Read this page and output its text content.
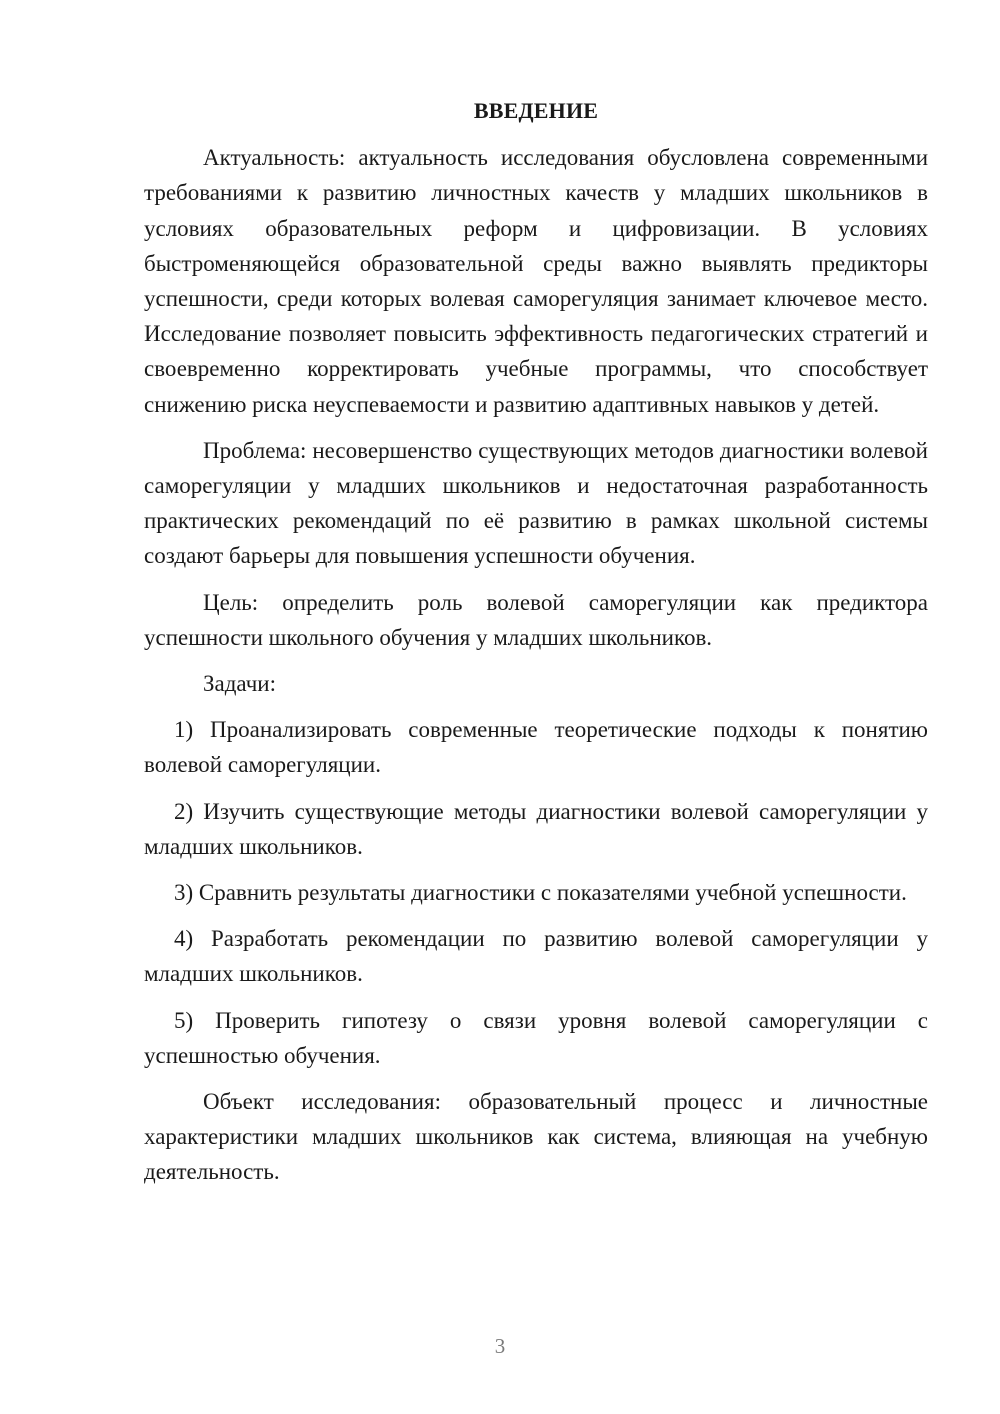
ВВЕДЕНИЕ

Актуальность: актуальность исследования обусловлена современными требованиями к развитию личностных качеств у младших школьников в условиях образовательных реформ и цифровизации. В условиях быстроменяющейся образовательной среды важно выявлять предикторы успешности, среди которых волевая саморегуляция занимает ключевое место. Исследование позволяет повысить эффективность педагогических стратегий и своевременно корректировать учебные программы, что способствует снижению риска неуспеваемости и развитию адаптивных навыков у детей.

Проблема: несовершенство существующих методов диагностики волевой саморегуляции у младших школьников и недостаточная разработанность практических рекомендаций по её развитию в рамках школьной системы создают барьеры для повышения успешности обучения.

Цель: определить роль волевой саморегуляции как предиктора успешности школьного обучения у младших школьников.

Задачи:

1) Проанализировать современные теоретические подходы к понятию волевой саморегуляции.

2) Изучить существующие методы диагностики волевой саморегуляции у младших школьников.

3) Сравнить результаты диагностики с показателями учебной успешности.

4) Разработать рекомендации по развитию волевой саморегуляции у младших школьников.

5) Проверить гипотезу о связи уровня волевой саморегуляции с успешностью обучения.

Объект исследования: образовательный процесс и личностные характеристики младших школьников как система, влияющая на учебную деятельность.

3
